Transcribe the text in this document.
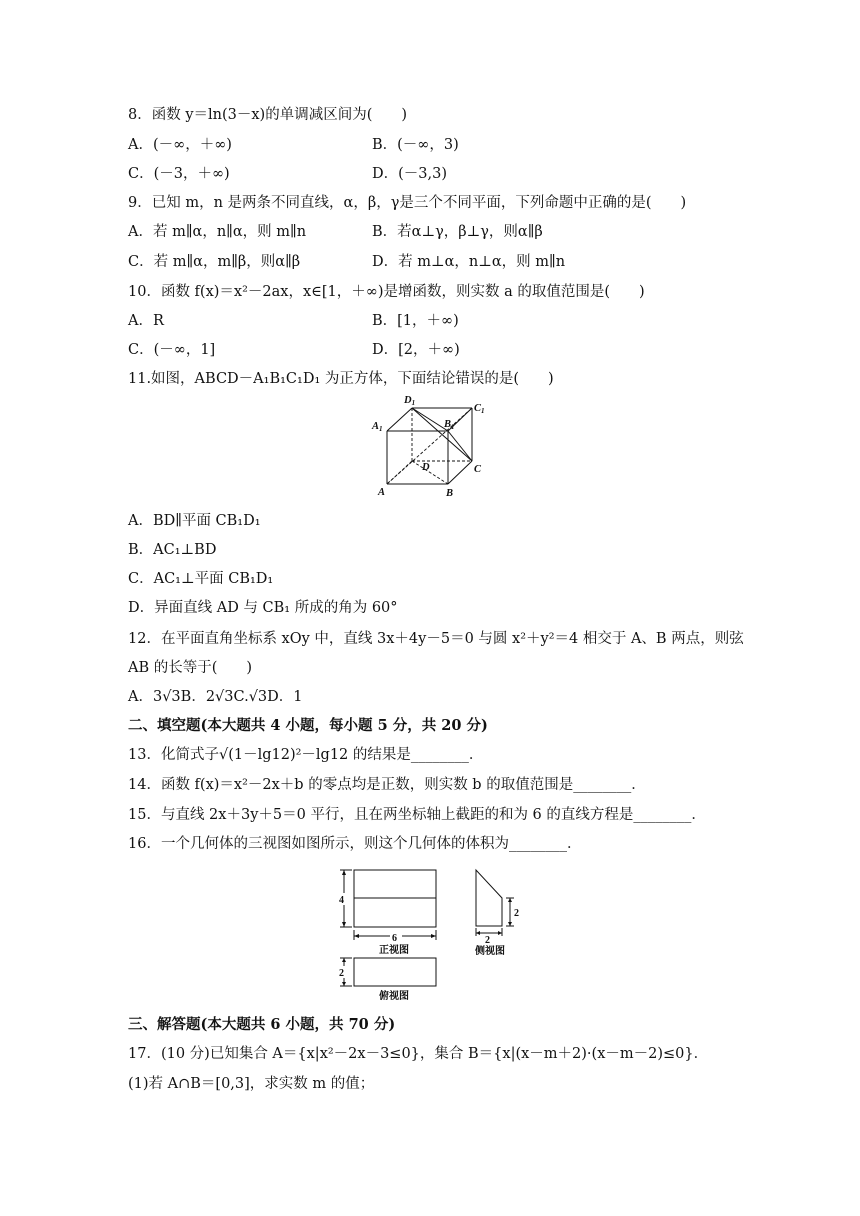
8．函数 y＝ln(3－x)的单调减区间为(　　)
A．(－∞，＋∞)	B．(－∞，3)
C．(－3，＋∞)	D．(－3,3)
9．已知 m，n 是两条不同直线，α，β，γ是三个不同平面，下列命题中正确的是(　　)
A．若 m∥α，n∥α，则 m∥n	B．若α⊥γ，β⊥γ，则α∥β
C．若 m∥α，m∥β，则α∥β	D．若 m⊥α，n⊥α，则 m∥n
10．函数 f(x)＝x²－2ax，x∈[1，＋∞)是增函数，则实数 a 的取值范围是(　　)
A．R	B．[1，＋∞)
C．(－∞，1]	D．[2，＋∞)
11.如图，ABCD－A₁B₁C₁D₁ 为正方体，下面结论错误的是(　　)
D1
B1
C1
A1
D	C
A	B
A．BD∥平面 CB₁D₁
B．AC₁⊥BD
C．AC₁⊥平面 CB₁D₁
D．异面直线 AD 与 CB₁ 所成的角为 60°
12．在平面直角坐标系 xOy 中，直线 3x＋4y－5＝0 与圆 x²＋y²＝4 相交于 A、B 两点，则弦
AB 的长等于(　　)
A．3√3B．2√3C.√3D．1
二、填空题(本大题共 4 小题，每小题 5 分，共 20 分)
13．化简式子√(1－lg12)²－lg12 的结果是________．
14．函数 f(x)＝x²－2x＋b 的零点均是正数，则实数 b 的取值范围是________．
15．与直线 2x＋3y＋5＝0 平行，且在两坐标轴上截距的和为 6 的直线方程是________．
16．一个几何体的三视图如图所示，则这个几何体的体积为________．
4
6
2
2
2
正视图	侧视图
俯视图
三、解答题(本大题共 6 小题，共 70 分)
17．(10 分)已知集合 A＝{x|x²－2x－3≤0}，集合 B＝{x|(x－m＋2)·(x－m－2)≤0}．
(1)若 A∩B＝[0,3]，求实数 m 的值；
